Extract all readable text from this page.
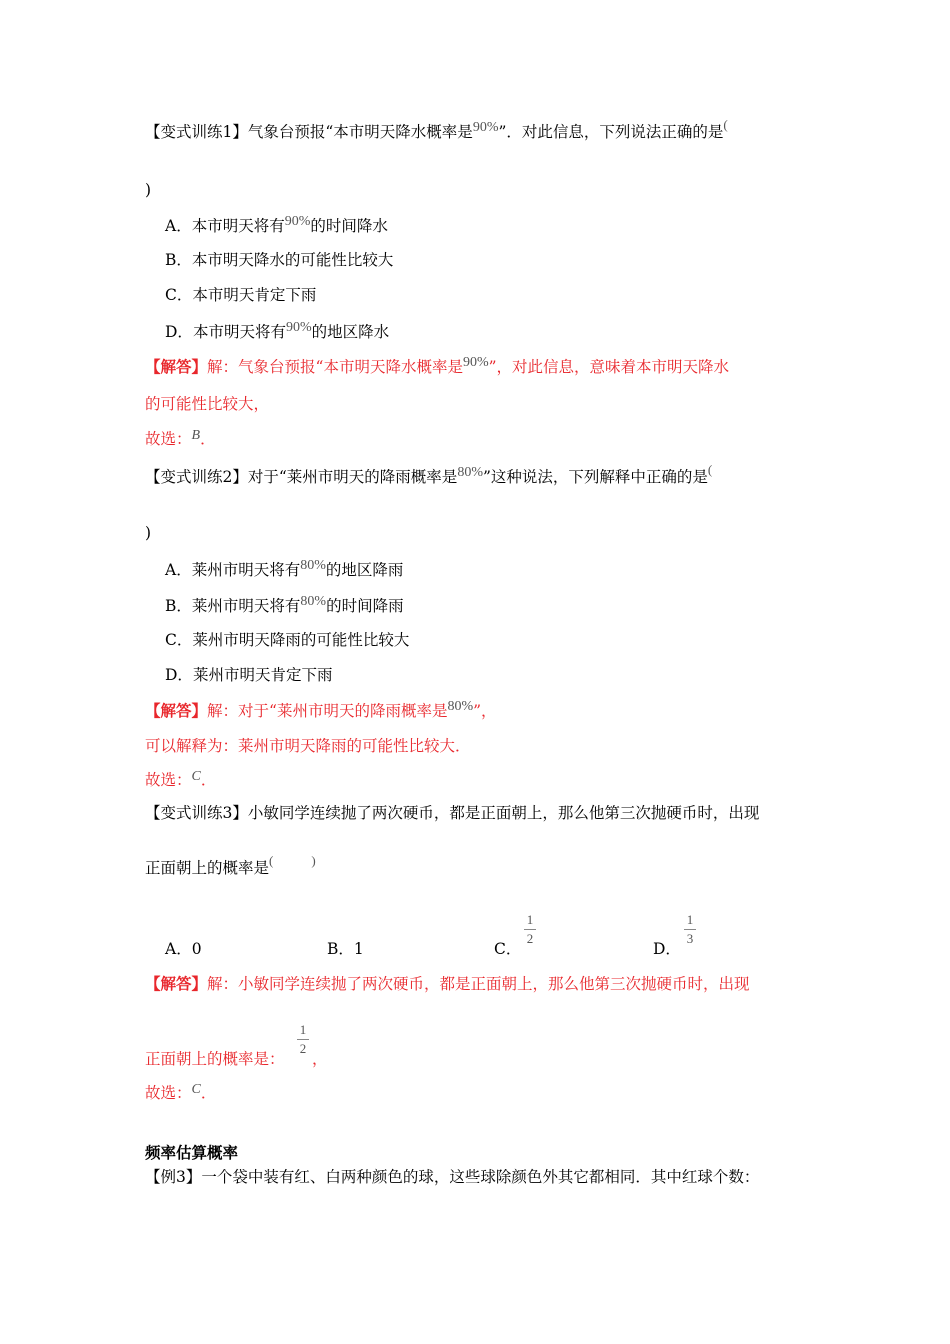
【变式训练1】气象台预报“本市明天降水概率是90%”．对此信息，下列说法正确的是(
)
A．本市明天将有90%的时间降水
B．本市明天降水的可能性比较大
C．本市明天肯定下雨
D．本市明天将有90%的地区降水
【解答】解：气象台预报“本市明天降水概率是90%”，对此信息，意味着本市明天降水
的可能性比较大，
故选：B．
【变式训练2】对于“莱州市明天的降雨概率是80%”这种说法，下列解释中正确的是(
)
A．莱州市明天将有80%的地区降雨
B．莱州市明天将有80%的时间降雨
C．莱州市明天降雨的可能性比较大
D．莱州市明天肯定下雨
【解答】解：对于“莱州市明天的降雨概率是80%”，
可以解释为：莱州市明天降雨的可能性比较大．
故选：C．
【变式训练3】小敏同学连续抛了两次硬币，都是正面朝上，那么他第三次抛硬币时，出现
正面朝上的概率是(	)
A．0	B．1	C．
1
2
D．
1
3
【解答】解：小敏同学连续抛了两次硬币，都是正面朝上，那么他第三次抛硬币时，出现
正面朝上的概率是：
1
2
，
故选：C．
频率估算概率
【例3】一个袋中装有红、白两种颜色的球，这些球除颜色外其它都相同．其中红球个数：
